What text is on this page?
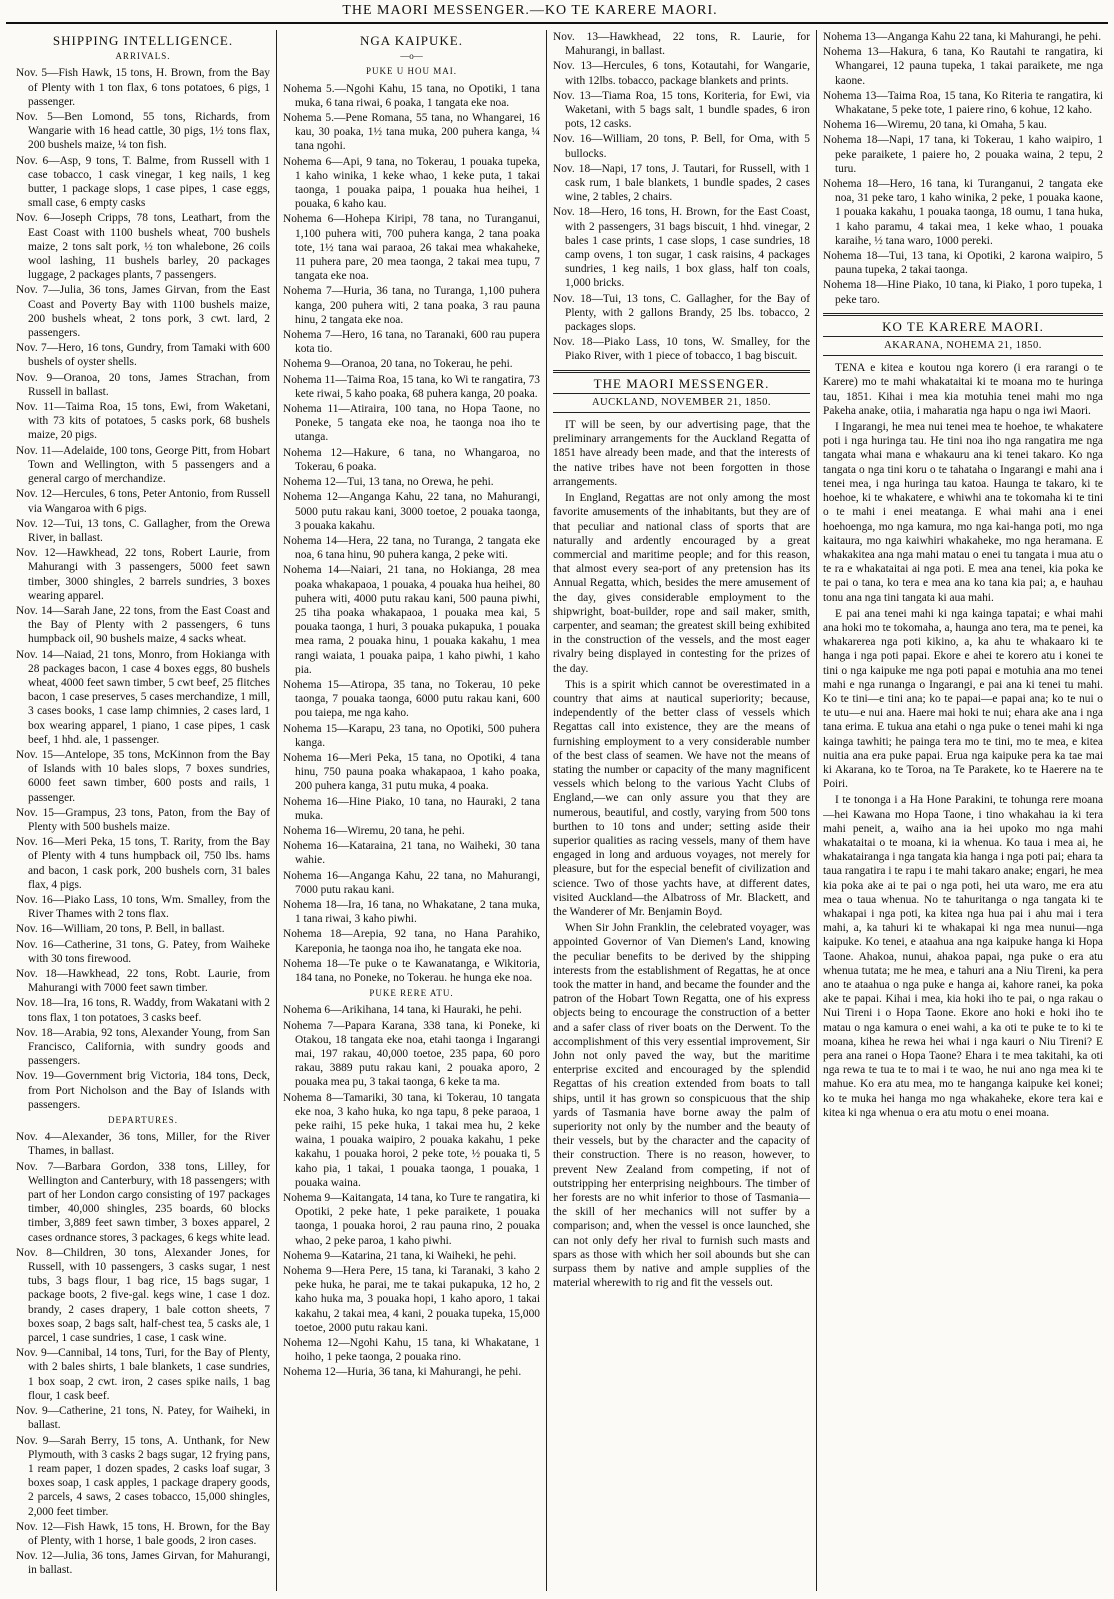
THE MAORI MESSENGER.—KO TE KARERE MAORI.
SHIPPING INTELLIGENCE.
ARRIVALS.

Nov. 5—Fish Hawk, 15 tons, H. Brown, from the Bay of Plenty with 1 ton flax, 6 tons potatoes, 6 pigs, 1 passenger.

Nov. 5—Ben Lomond, 55 tons, Richards, from Wangarie with 16 head cattle, 30 pigs, 1½ tons flax, 200 bushels maize, ¼ ton fish.

Nov. 6—Asp, 9 tons, T. Balme, from Russell with 1 case tobacco, 1 cask vinegar, 1 keg nails, 1 keg butter, 1 package slops, 1 case pipes, 1 case eggs, small case, 6 empty casks

Nov. 6—Joseph Cripps, 78 tons, Leathart, from the East Coast with 1100 bushels wheat, 700 bushels maize, 2 tons salt pork, ½ ton whalebone, 26 coils wool lashing, 11 bushels barley, 20 packages luggage, 2 packages plants, 7 passengers.

Nov. 7—Julia, 36 tons, James Girvan, from the East Coast and Poverty Bay with 1100 bushels maize, 200 bushels wheat, 2 tons pork, 3 cwt. lard, 2 passengers.

Nov. 7—Hero, 16 tons, Gundry, from Tamaki with 600 bushels of oyster shells.

Nov. 9—Oranoa, 20 tons, James Strachan, from Russell in ballast.

Nov. 11—Taima Roa, 15 tons, Ewi, from Waketani, with 73 kits of potatoes, 5 casks pork, 68 bushels maize, 20 pigs.

Nov. 11—Adelaide, 100 tons, George Pitt, from Hobart Town and Wellington, with 5 passengers and a general cargo of merchandize.

Nov. 12—Hercules, 6 tons, Peter Antonio, from Russell via Wangaroa with 6 pigs.

Nov. 12—Tui, 13 tons, C. Gallagher, from the Orewa River, in ballast.

Nov. 12—Hawkhead, 22 tons, Robert Laurie, from Mahurangi with 3 passengers, 5000 feet sawn timber, 3000 shingles, 2 barrels sundries, 3 boxes wearing apparel.

Nov. 14—Sarah Jane, 22 tons, from the East Coast and the Bay of Plenty with 2 passengers, 6 tuns humpback oil, 90 bushels maize, 4 sacks wheat.

Nov. 14—Naiad, 21 tons, Monro, from Hokianga with 28 packages bacon, 1 case 4 boxes eggs, 80 bushels wheat, 4000 feet sawn timber, 5 cwt beef, 25 flitches bacon, 1 case preserves, 5 cases merchandize, 1 mill, 3 cases books, 1 case lamp chimnies, 2 cases lard, 1 box wearing apparel, 1 piano, 1 case pipes, 1 cask beef, 1 hhd. ale, 1 passenger.

Nov. 15—Antelope, 35 tons, McKinnon from the Bay of Islands with 10 bales slops, 7 boxes sundries, 6000 feet sawn timber, 600 posts and rails, 1 passenger.

Nov. 15—Grampus, 23 tons, Paton, from the Bay of Plenty with 500 bushels maize.

Nov. 16—Meri Peka, 15 tons, T. Rarity, from the Bay of Plenty with 4 tuns humpback oil, 750 lbs. hams and bacon, 1 cask pork, 200 bushels corn, 31 bales flax, 4 pigs.

Nov. 16—Piako Lass, 10 tons, Wm. Smalley, from the River Thames with 2 tons flax.

Nov. 16—William, 20 tons, P. Bell, in ballast.

Nov. 16—Catherine, 31 tons, G. Patey, from Waiheke with 30 tons firewood.

Nov. 18—Hawkhead, 22 tons, Robt. Laurie, from Mahurangi with 7000 feet sawn timber.

Nov. 18—Ira, 16 tons, R. Waddy, from Wakatani with 2 tons flax, 1 ton potatoes, 3 casks beef.

Nov. 18—Arabia, 92 tons, Alexander Young, from San Francisco, California, with sundry goods and passengers.

Nov. 19—Government brig Victoria, 184 tons, Deck, from Port Nicholson and the Bay of Islands with passengers.

DEPARTURES.

Nov. 4—Alexander, 36 tons, Miller, for the River Thames, in ballast.

Nov. 7—Barbara Gordon, 338 tons, Lilley, for Wellington and Canterbury, with 18 passengers; with part of her London cargo consisting of 197 packages timber, 40,000 shingles, 235 boards, 60 blocks timber, 3,889 feet sawn timber, 3 boxes apparel, 2 cases ordnance stores, 3 packages, 6 kegs white lead.

Nov. 8—Children, 30 tons, Alexander Jones, for Russell, with 10 passengers, 3 casks sugar, 1 nest tubs, 3 bags flour, 1 bag rice, 15 bags sugar, 1 package boots, 2 five-gal. kegs wine, 1 case 1 doz. brandy, 2 cases drapery, 1 bale cotton sheets, 7 boxes soap, 2 bags salt, half-chest tea, 5 casks ale, 1 parcel, 1 case sundries, 1 case, 1 cask wine.

Nov. 9—Cannibal, 14 tons, Turi, for the Bay of Plenty, with 2 bales shirts, 1 bale blankets, 1 case sundries, 1 box soap, 2 cwt. iron, 2 cases spike nails, 1 bag flour, 1 cask beef.

Nov. 9—Catherine, 21 tons, N. Patey, for Waiheki, in ballast.

Nov. 9—Sarah Berry, 15 tons, A. Unthank, for New Plymouth, with 3 casks 2 bags sugar, 12 frying pans, 1 ream paper, 1 dozen spades, 2 casks loaf sugar, 3 boxes soap, 1 cask apples, 1 package drapery goods, 2 parcels, 4 saws, 2 cases tobacco, 15,000 shingles, 2,000 feet timber.

Nov. 12—Fish Hawk, 15 tons, H. Brown, for the Bay of Plenty, with 1 horse, 1 bale goods, 2 iron cases.

Nov. 12—Julia, 36 tons, James Girvan, for Mahurangi, in ballast.

NGA KAIPUKE.
—o—
PUKE U HOU MAI.

Nohema 5.—Ngohi Kahu, 15 tana, no Opotiki, 1 tana muka, 6 tana riwai, 6 poaka, 1 tangata eke noa.

Nohema 5.—Pene Romana, 55 tana, no Whangarei, 16 kau, 30 poaka, 1½ tana muka, 200 puhera kanga, ¼ tana ngohi.

Nohema 6—Api, 9 tana, no Tokerau, 1 pouaka tupeka, 1 kaho winika, 1 keke whao, 1 keke puta, 1 takai taonga, 1 pouaka paipa, 1 pouaka hua heihei, 1 pouaka, 6 kaho kau.

Nohema 6—Hohepa Kiripi, 78 tana, no Turanganui, 1,100 puhera witi, 700 puhera kanga, 2 tana poaka tote, 1½ tana wai paraoa, 26 takai mea whakaheke, 11 puhera pare, 20 mea taonga, 2 takai mea tupu, 7 tangata eke noa.

Nohema 7—Huria, 36 tana, no Turanga, 1,100 puhera kanga, 200 puhera witi, 2 tana poaka, 3 rau pauna hinu, 2 tangata eke noa.

Nohema 7—Hero, 16 tana, no Taranaki, 600 rau pupera kota tio.

Nohema 9—Oranoa, 20 tana, no Tokerau, he pehi.

Nohema 11—Taima Roa, 15 tana, ko Wi te rangatira, 73 kete riwai, 5 kaho poaka, 68 puhera kanga, 20 poaka.

Nohema 11—Atiraira, 100 tana, no Hopa Taone, no Poneke, 5 tangata eke noa, he taonga noa iho te utanga.

Nohema 12—Hakure, 6 tana, no Whangaroa, no Tokerau, 6 poaka.

Nohema 12—Tui, 13 tana, no Orewa, he pehi.

Nohema 12—Anganga Kahu, 22 tana, no Mahurangi, 5000 putu rakau kani, 3000 toetoe, 2 pouaka taonga, 3 pouaka kakahu.

Nohema 14—Hera, 22 tana, no Turanga, 2 tangata eke noa, 6 tana hinu, 90 puhera kanga, 2 peke witi.

Nohema 14—Naiari, 21 tana, no Hokianga, 28 mea poaka whakapaoa, 1 pouaka, 4 pouaka hua heihei, 80 puhera witi, 4000 putu rakau kani, 500 pauna piwhi, 25 tiha poaka whakapaoa, 1 pouaka mea kai, 5 pouaka taonga, 1 huri, 3 pouaka pukapuka, 1 pouaka mea rama, 2 pouaka hinu, 1 pouaka kakahu, 1 mea rangi waiata, 1 pouaka paipa, 1 kaho piwhi, 1 kaho pia.

Nohema 15—Atiropa, 35 tana, no Tokerau, 10 peke taonga, 7 pouaka taonga, 6000 putu rakau kani, 600 pou taiepa, me nga kaho.

Nohema 15—Karapu, 23 tana, no Opotiki, 500 puhera kanga.

Nohema 16—Meri Peka, 15 tana, no Opotiki, 4 tana hinu, 750 pauna poaka whakapaoa, 1 kaho poaka, 200 puhera kanga, 31 putu muka, 4 poaka.

Nohema 16—Hine Piako, 10 tana, no Hauraki, 2 tana muka.

Nohema 16—Wiremu, 20 tana, he pehi.

Nohema 16—Kataraina, 21 tana, no Waiheki, 30 tana wahie.

Nohema 16—Anganga Kahu, 22 tana, no Mahurangi, 7000 putu rakau kani.

Nohema 18—Ira, 16 tana, no Whakatane, 2 tana muka, 1 tana riwai, 3 kaho piwhi.

Nohema 18—Arepia, 92 tana, no Hana Parahiko, Kareponia, he taonga noa iho, he tangata eke noa.

Nohema 18—Te puke o te Kawanatanga, e Wikitoria, 184 tana, no Poneke, no Tokerau. he hunga eke noa.

PUKE RERE ATU.

Nohema 6—Arikihana, 14 tana, ki Hauraki, he pehi.

Nohema 7—Papara Karana, 338 tana, ki Poneke, ki Otakou, 18 tangata eke noa, etahi taonga i Ingarangi mai, 197 rakau, 40,000 toetoe, 235 papa, 60 poro rakau, 3889 putu rakau kani, 2 pouaka aporo, 2 pouaka mea pu, 3 takai taonga, 6 keke ta ma.

Nohema 8—Tamariki, 30 tana, ki Tokerau, 10 tangata eke noa, 3 kaho huka, ko nga tapu, 8 peke paraoa, 1 peke raihi, 15 peke huka, 1 takai mea hu, 2 keke waina, 1 pouaka waipiro, 2 pouaka kakahu, 1 peke kakahu, 1 pouaka horoi, 2 peke tote, ½ pouaka ti, 5 kaho pia, 1 takai, 1 pouaka taonga, 1 pouaka, 1 pouaka waina.

Nohema 9—Kaitangata, 14 tana, ko Ture te rangatira, ki Opotiki, 2 peke hate, 1 peke paraikete, 1 pouaka taonga, 1 pouaka horoi, 2 rau pauna rino, 2 pouaka whao, 2 peke paroa, 1 kaho piwhi.

Nohema 9—Katarina, 21 tana, ki Waiheki, he pehi.

Nohema 9—Hera Pere, 15 tana, ki Taranaki, 3 kaho 2 peke huka, he parai, me te takai pukapuka, 12 ho, 2 kaho huka ma, 3 pouaka hopi, 1 kaho aporo, 1 takai kakahu, 2 takai mea, 4 kani, 2 pouaka tupeka, 15,000 toetoe, 2000 putu rakau kani.

Nohema 12—Ngohi Kahu, 15 tana, ki Whakatane, 1 hoiho, 1 peke taonga, 2 pouaka rino.

Nohema 12—Huria, 36 tana, ki Mahurangi, he pehi.

Nov. 13—Hawkhead, 22 tons, R. Laurie, for Mahurangi, in ballast.

Nov. 13—Hercules, 6 tons, Kotautahi, for Wangarie, with 12lbs. tobacco, package blankets and prints.

Nov. 13—Tiama Roa, 15 tons, Koriteria, for Ewi, via Waketani, with 5 bags salt, 1 bundle spades, 6 iron pots, 12 casks.

Nov. 16—William, 20 tons, P. Bell, for Oma, with 5 bullocks.

Nov. 18—Napi, 17 tons, J. Tautari, for Russell, with 1 cask rum, 1 bale blankets, 1 bundle spades, 2 cases wine, 2 tables, 2 chairs.

Nov. 18—Hero, 16 tons, H. Brown, for the East Coast, with 2 passengers, 31 bags biscuit, 1 hhd. vinegar, 2 bales 1 case prints, 1 case slops, 1 case sundries, 18 camp ovens, 1 ton sugar, 1 cask raisins, 4 packages sundries, 1 keg nails, 1 box glass, half ton coals, 1,000 bricks.

Nov. 18—Tui, 13 tons, C. Gallagher, for the Bay of Plenty, with 2 gallons Brandy, 25 lbs. tobacco, 2 packages slops.

Nov. 18—Piako Lass, 10 tons, W. Smalley, for the Piako River, with 1 piece of tobacco, 1 bag biscuit.

THE MAORI MESSENGER.
AUCKLAND, NOVEMBER 21, 1850.

IT will be seen, by our advertising page, that the preliminary arrangements for the Auckland Regatta of 1851 have already been made, and that the interests of the native tribes have not been forgotten in those arrangements.

In England, Regattas are not only among the most favorite amusements of the inhabitants, but they are of that peculiar and national class of sports that are naturally and ardently encouraged by a great commercial and maritime people; and for this reason, that almost every sea-port of any pretension has its Annual Regatta, which, besides the mere amusement of the day, gives considerable employment to the shipwright, boat-builder, rope and sail maker, smith, carpenter, and seaman; the greatest skill being exhibited in the construction of the vessels, and the most eager rivalry being displayed in contesting for the prizes of the day.

This is a spirit which cannot be overestimated in a country that aims at nautical superiority; because, independently of the better class of vessels which Regattas call into existence, they are the means of furnishing employment to a very considerable number of the best class of seamen. We have not the means of stating the number or capacity of the many magnificent vessels which belong to the various Yacht Clubs of England,—we can only assure you that they are numerous, beautiful, and costly, varying from 500 tons burthen to 10 tons and under; setting aside their superior qualities as racing vessels, many of them have engaged in long and arduous voyages, not merely for pleasure, but for the especial benefit of civilization and science. Two of those yachts have, at different dates, visited Auckland—the Albatross of Mr. Blackett, and the Wanderer of Mr. Benjamin Boyd.

When Sir John Franklin, the celebrated voyager, was appointed Governor of Van Diemen's Land, knowing the peculiar benefits to be derived by the shipping interests from the establishment of Regattas, he at once took the matter in hand, and became the founder and the patron of the Hobart Town Regatta, one of his express objects being to encourage the construction of a better and a safer class of river boats on the Derwent. To the accomplishment of this very essential improvement, Sir John not only paved the way, but the maritime enterprise excited and encouraged by the splendid Regattas of his creation extended from boats to tall ships, until it has grown so conspicuous that the ship yards of Tasmania have borne away the palm of superiority not only by the number and the beauty of their vessels, but by the character and the capacity of their construction. There is no reason, however, to prevent New Zealand from competing, if not of outstripping her enterprising neighbours. The timber of her forests are no whit inferior to those of Tasmania—the skill of her mechanics will not suffer by a comparison; and, when the vessel is once launched, she can not only defy her rival to furnish such masts and spars as those with which her soil abounds but she can surpass them by native and ample supplies of the material wherewith to rig and fit the vessels out.

Nohema 13—Anganga Kahu 22 tana, ki Mahurangi, he pehi.

Nohema 13—Hakura, 6 tana, Ko Rautahi te rangatira, ki Whangarei, 12 pauna tupeka, 1 takai paraikete, me nga kaone.

Nohema 13—Taima Roa, 15 tana, Ko Riteria te rangatira, ki Whakatane, 5 peke tote, 1 paiere rino, 6 kohue, 12 kaho.

Nohema 16—Wiremu, 20 tana, ki Omaha, 5 kau.

Nohema 18—Napi, 17 tana, ki Tokerau, 1 kaho waipiro, 1 peke paraikete, 1 paiere ho, 2 pouaka waina, 2 tepu, 2 turu.

Nohema 18—Hero, 16 tana, ki Turanganui, 2 tangata eke noa, 31 peke taro, 1 kaho winika, 2 peke, 1 pouaka kaone, 1 pouaka kakahu, 1 pouaka taonga, 18 oumu, 1 tana huka, 1 kaho paramu, 4 takai mea, 1 keke whao, 1 pouaka karaihe, ½ tana waro, 1000 pereki.

Nohema 18—Tui, 13 tana, ki Opotiki, 2 karona waipiro, 5 pauna tupeka, 2 takai taonga.

Nohema 18—Hine Piako, 10 tana, ki Piako, 1 poro tupeka, 1 peke taro.

KO TE KARERE MAORI.
AKARANA, NOHEMA 21, 1850.

TENA e kitea e koutou nga korero (i era rarangi o te Karere) mo te mahi whakataitai ki te moana mo te huringa tau, 1851. Kihai i mea kia motuhia tenei mahi mo nga Pakeha anake, otiia, i maharatia nga hapu o nga iwi Maori.

I Ingarangi, he mea nui tenei mea te hoehoe, te whakatere poti i nga huringa tau. He tini noa iho nga rangatira me nga tangata whai mana e whakauru ana ki tenei takaro. Ko nga tangata o nga tini koru o te tahataha o Ingarangi e mahi ana i tenei mea, i nga huringa tau katoa. Haunga te takaro, ki te hoehoe, ki te whakatere, e whiwhi ana te tokomaha ki te tini o te mahi i enei meatanga. E whai mahi ana i enei hoehoenga, mo nga kamura, mo nga kai-hanga poti, mo nga kaitaura, mo nga kaiwhiri whakaheke, mo nga heramana. E whakakitea ana nga mahi matau o enei tu tangata i mua atu o te ra e whakataitai ai nga poti. E mea ana tenei, kia poka ke te pai o tana, ko tera e mea ana ko tana kia pai; a, e hauhau tonu ana nga tini tangata ki aua mahi.

E pai ana tenei mahi ki nga kainga tapatai; e whai mahi ana hoki mo te tokomaha, a, haunga ano tera, ma te penei, ka whakarerea nga poti kikino, a, ka ahu te whakaaro ki te hanga i nga poti papai. Ekore e ahei te korero atu i konei te tini o nga kaipuke me nga poti papai e motuhia ana mo tenei mahi e nga runanga o Ingarangi, e pai ana ki tenei tu mahi. Ko te tini—e tini ana; ko te papai—e papai ana; ko te nui o te utu—e nui ana. Haere mai hoki te nui; ehara ake ana i nga tana erima. E tukua ana etahi o nga puke o tenei mahi ki nga kainga tawhiti; he painga tera mo te tini, mo te mea, e kitea nuitia ana era puke papai. Erua nga kaipuke pera ka tae mai ki Akarana, ko te Toroa, na Te Parakete, ko te Haerere na te Poiri.

I te tononga i a Ha Hone Parakini, te tohunga rere moana—hei Kawana mo Hopa Taone, i tino whakahau ia ki tera mahi peneit, a, waiho ana ia hei upoko mo nga mahi whakataitai o te moana, ki ia whenua. Ko taua i mea ai, he whakatairanga i nga tangata kia hanga i nga poti pai; ehara ta taua rangatira i te rapu i te mahi takaro anake; engari, he mea kia poka ake ai te pai o nga poti, hei uta waro, me era atu mea o taua whenua. No te tahuritanga o nga tangata ki te whakapai i nga poti, ka kitea nga hua pai i ahu mai i tera mahi, a, ka tahuri ki te whakapai ki nga mea nunui—nga kaipuke. Ko tenei, e ataahua ana nga kaipuke hanga ki Hopa Taone. Ahakoa, nunui, ahakoa papai, nga puke o era atu whenua tutata; me he mea, e tahuri ana a Niu Tireni, ka pera ano te ataahua o nga puke e hanga ai, kahore ranei, ka poka ake te papai. Kihai i mea, kia hoki iho te pai, o nga rakau o Nui Tireni i o Hopa Taone. Ekore ano hoki e hoki iho te matau o nga kamura o enei wahi, a ka oti te puke te to ki te moana, kihea he rewa hei whai i nga kauri o Niu Tireni? E pera ana ranei o Hopa Taone? Ehara i te mea takitahi, ka oti nga rewa te tua te to mai i te wao, he nui ano nga mea ki te mahue. Ko era atu mea, mo te hanganga kaipuke kei konei; ko te muka hei hanga mo nga whakaheke, ekore tera kai e kitea ki nga whenua o era atu motu o enei moana.
